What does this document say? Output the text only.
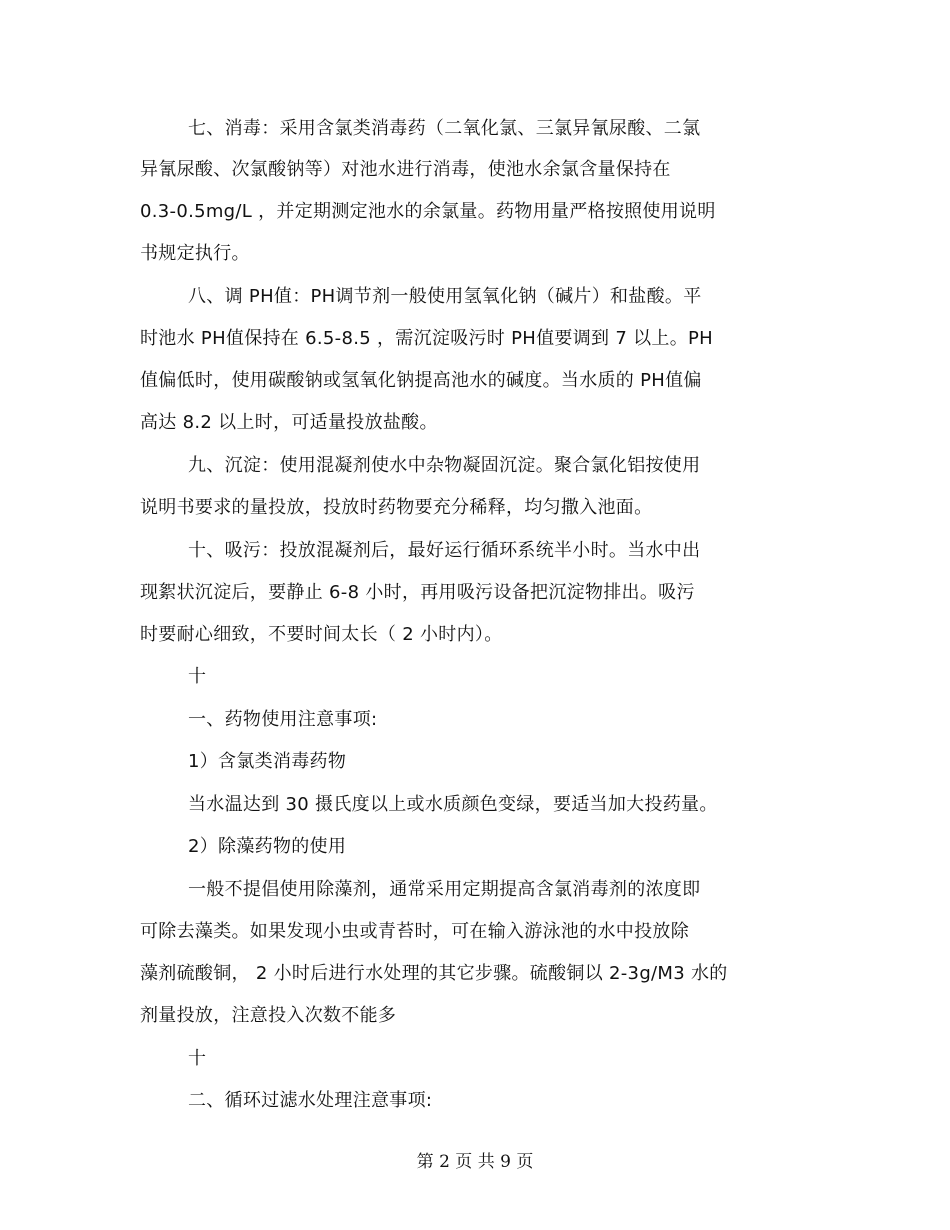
七、消毒：采用含氯类消毒药（二氧化氯、三氯异氰尿酸、二氯
异氰尿酸、次氯酸钠等）对池水进行消毒，使池水余氯含量保持在
0.3-0.5mg/L ，并定期测定池水的余氯量。药物用量严格按照使用说明
书规定执行。
八、调 PH值：PH调节剂一般使用氢氧化钠（碱片）和盐酸。平
时池水 PH值保持在 6.5-8.5 ，需沉淀吸污时 PH值要调到 7 以上。PH
值偏低时，使用碳酸钠或氢氧化钠提高池水的碱度。当水质的 PH值偏
高达 8.2 以上时，可适量投放盐酸。
九、沉淀：使用混凝剂使水中杂物凝固沉淀。聚合氯化铝按使用
说明书要求的量投放，投放时药物要充分稀释，均匀撒入池面。
十、吸污：投放混凝剂后，最好运行循环系统半小时。当水中出
现絮状沉淀后，要静止 6-8 小时，再用吸污设备把沉淀物排出。吸污
时要耐心细致，不要时间太长（ 2 小时内）。
十
一、药物使用注意事项:
1）含氯类消毒药物
当水温达到 30 摄氏度以上或水质颜色变绿，要适当加大投药量。
2）除藻药物的使用
一般不提倡使用除藻剂，通常采用定期提高含氯消毒剂的浓度即
可除去藻类。如果发现小虫或青苔时，可在输入游泳池的水中投放除
藻剂硫酸铜， 2 小时后进行水处理的其它步骤。硫酸铜以 2-3g/M3 水的
剂量投放，注意投入次数不能多
十
二、循环过滤水处理注意事项:
第 2 页 共 9 页
